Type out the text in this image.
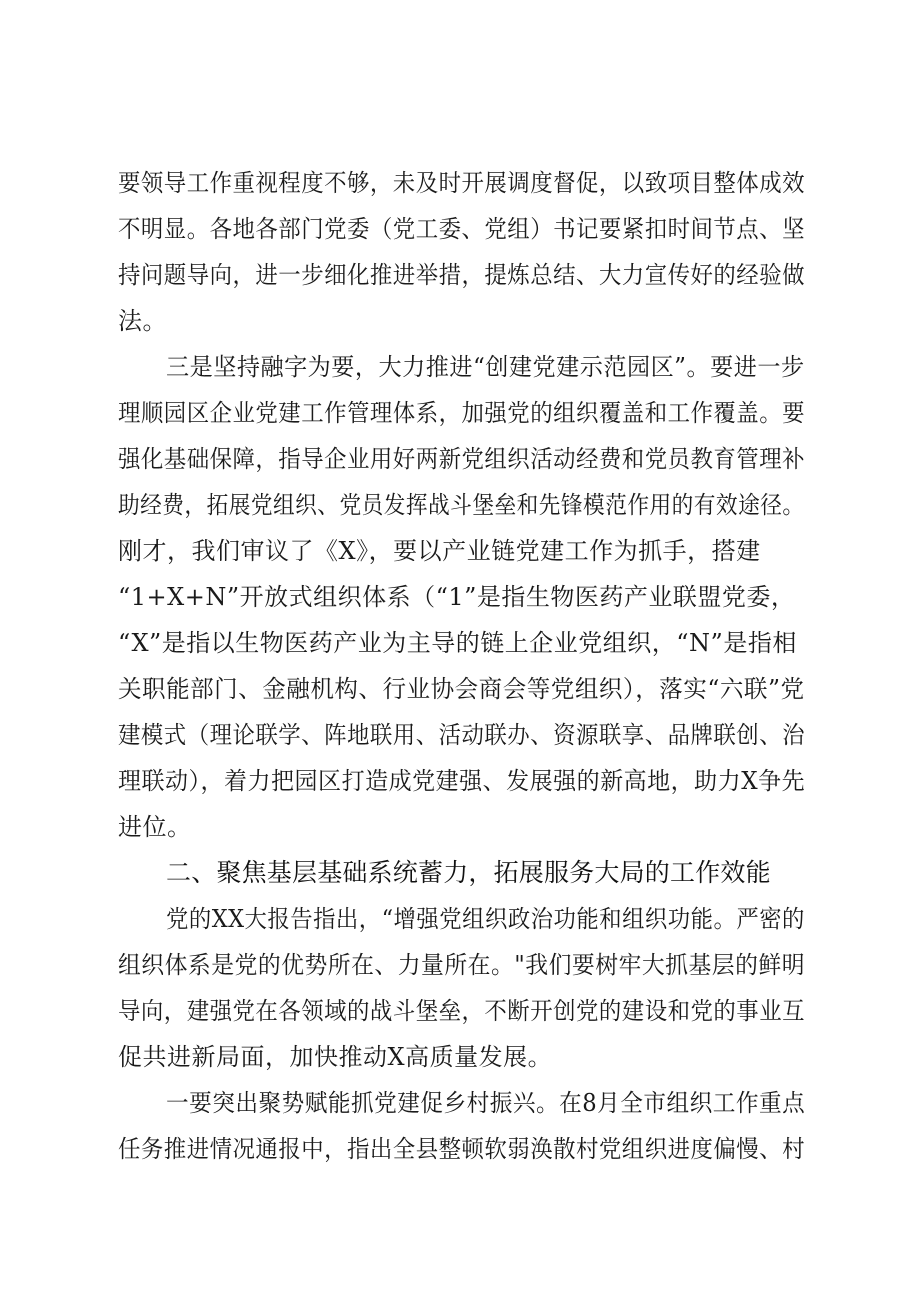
要领导工作重视程度不够，未及时开展调度督促，以致项目整体成效
不明显。各地各部门党委（党工委、党组）书记要紧扣时间节点、坚
持问题导向，进一步细化推进举措，提炼总结、大力宣传好的经验做
法。
三是坚持融字为要，大力推进“创建党建示范园区”。要进一步
理顺园区企业党建工作管理体系，加强党的组织覆盖和工作覆盖。要
强化基础保障，指导企业用好两新党组织活动经费和党员教育管理补
助经费，拓展党组织、党员发挥战斗堡垒和先锋模范作用的有效途径。
刚才，我们审议了《X》，要以产业链党建工作为抓手，搭建
“1+X+N”开放式组织体系（“1”是指生物医药产业联盟党委，
“X”是指以生物医药产业为主导的链上企业党组织，“N”是指相
关职能部门、金融机构、行业协会商会等党组织），落实“六联”党
建模式（理论联学、阵地联用、活动联办、资源联享、品牌联创、治
理联动），着力把园区打造成党建强、发展强的新高地，助力X争先
进位。
二、聚焦基层基础系统蓄力，拓展服务大局的工作效能
党的XX大报告指出，“增强党组织政治功能和组织功能。严密的
组织体系是党的优势所在、力量所在。"我们要树牢大抓基层的鲜明
导向，建强党在各领域的战斗堡垒，不断开创党的建设和党的事业互
促共进新局面，加快推动X高质量发展。
一要突出聚势赋能抓党建促乡村振兴。在8月全市组织工作重点
任务推进情况通报中，指出全县整顿软弱涣散村党组织进度偏慢、村
